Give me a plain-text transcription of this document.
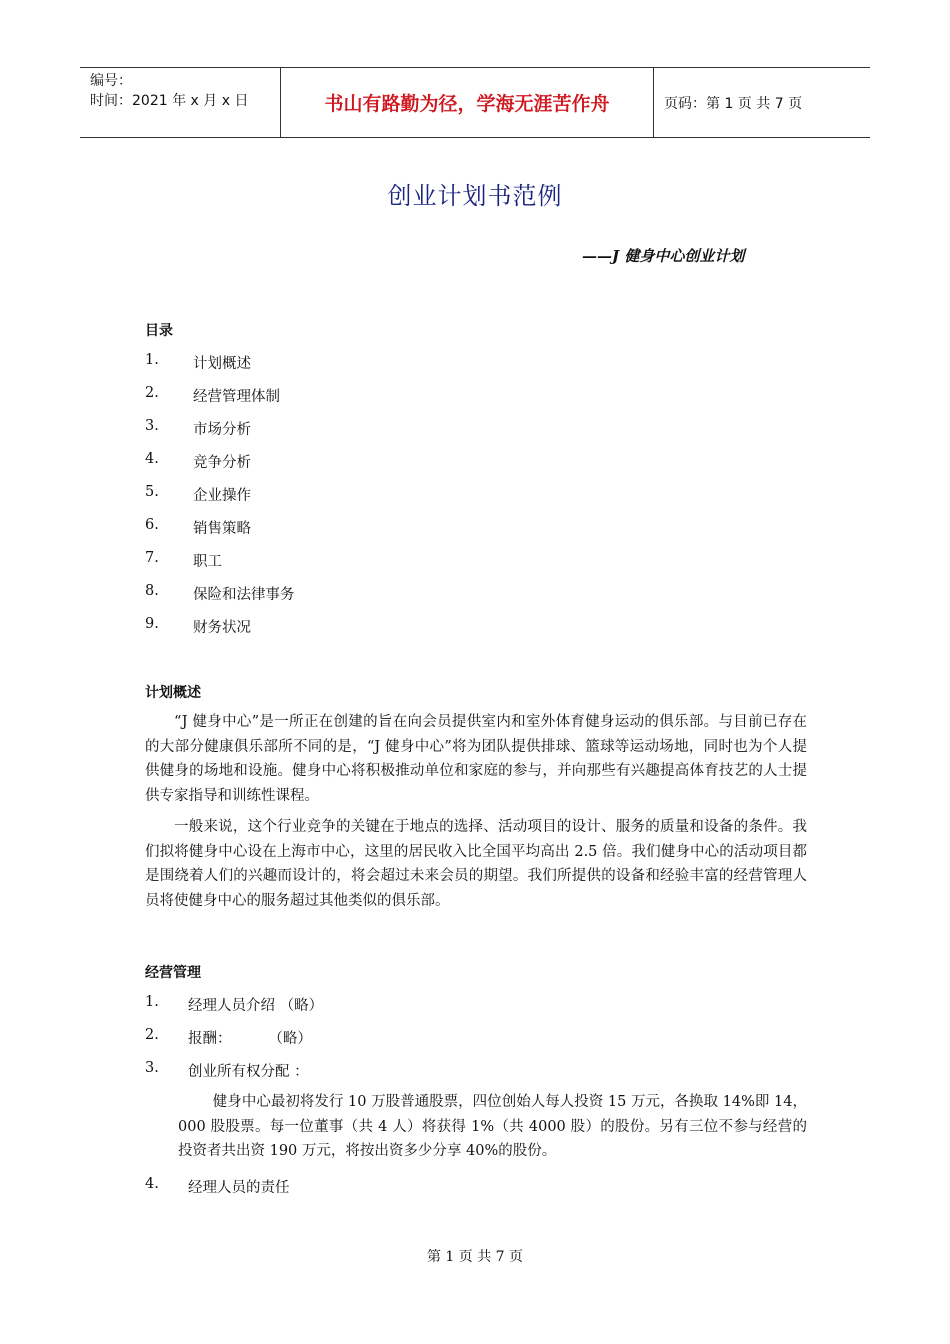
编号：
时间：2021 年 x 月 x 日	书山有路勤为径，学海无涯苦作舟	页码：第 1 页 共 7 页
创业计划书范例
——J 健身中心创业计划
目录
1. 计划概述
2. 经营管理体制
3. 市场分析
4. 竞争分析
5. 企业操作
6. 销售策略
7. 职工
8. 保险和法律事务
9. 财务状况
计划概述

“J 健身中心”是一所正在创建的旨在向会员提供室内和室外体育健身运动的俱乐部。与目前已存在的大部分健康俱乐部所不同的是，“J 健身中心”将为团队提供排球、篮球等运动场地，同时也为个人提供健身的场地和设施。健身中心将积极推动单位和家庭的参与，并向那些有兴趣提高体育技艺的人士提供专家指导和训练性课程。

一般来说，这个行业竞争的关键在于地点的选择、活动项目的设计、服务的质量和设备的条件。我们拟将健身中心设在上海市中心，这里的居民收入比全国平均高出 2.5 倍。我们健身中心的活动项目都是围绕着人们的兴趣而设计的，将会超过未来会员的期望。我们所提供的设备和经验丰富的经营管理人员将使健身中心的服务超过其他类似的俱乐部。

经营管理
1. 经理人员介绍 （略）
2. 报酬：        （略）
3. 创业所有权分配 ：

健身中心最初将发行 10 万股普通股票，四位创始人每人投资 15 万元，各换取 14%即 14，000 股股票。每一位董事（共 4 人）将获得 1%（共 4000 股）的股份。另有三位不参与经营的投资者共出资 190 万元，将按出资多少分享 40%的股份。

4. 经理人员的责任
第 1 页 共 7 页
